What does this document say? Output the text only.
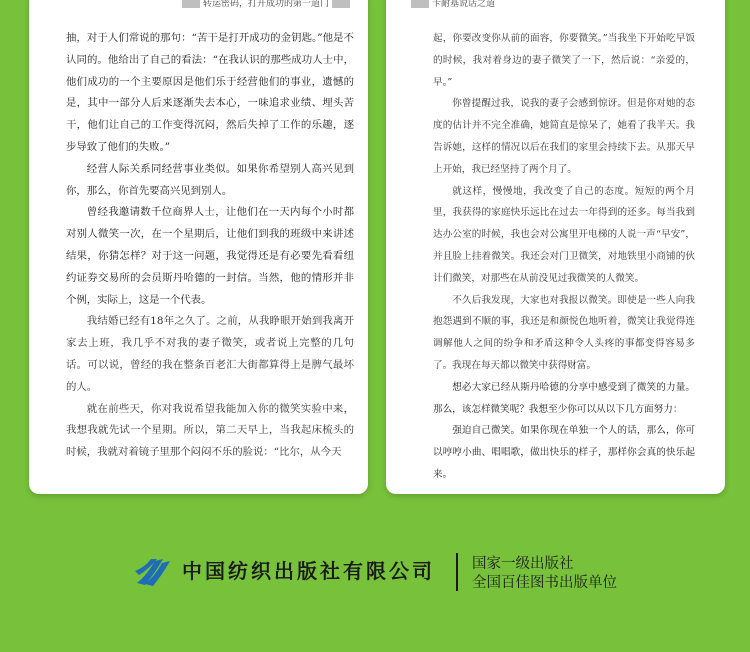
转运密码，打开成功的第一道门

抽，对于人们常说的那句：“苦干是打开成功的金钥匙。”他是不认同的。他给出了自己的看法：“在我认识的那些成功人士中，他们成功的一个主要原因是他们乐于经营他们的事业，遗憾的是，其中一部分人后来逐渐失去本心，一味追求业绩、埋头苦干，他们让自己的工作变得沉闷，然后失掉了工作的乐趣，逐步导致了他们的失败。”

经营人际关系同经营事业类似。如果你希望别人高兴见到你，那么，你首先要高兴见到别人。

曾经我邀请数千位商界人士，让他们在一天内每个小时都对别人微笑一次，在一个星期后，让他们到我的班级中来讲述结果，你猜怎样？对于这一问题，我觉得还是有必要先看看纽约证券交易所的会员斯丹哈德的一封信。当然，他的情形并非个例，实际上，这是一个代表。

我结婚已经有18年之久了。之前，从我睁眼开始到我离开家去上班，我几乎不对我的妻子微笑，或者说上完整的几句话。可以说，曾经的我在整条百老汇大街都算得上是脾气最坏的人。

就在前些天，你对我说希望我能加入你的微笑实验中来，我想我就先试一个星期。所以，第二天早上，当我起床梳头的时候，我就对着镜子里那个闷闷不乐的脸说：“比尔，从今天

卡耐基说话之道

起，你要改变你从前的面容，你要微笑。”当我坐下开始吃早饭的时候，我对着身边的妻子微笑了一下，然后说：“亲爱的，早。”

你曾提醒过我，说我的妻子会感到惊讶。但是你对她的态度的估计并不完全准确，她简直是惊呆了，她看了我半天。我告诉她，这样的情况以后在我们的家里会持续下去。从那天早上开始，我已经坚持了两个月了。

就这样，慢慢地，我改变了自己的态度。短短的两个月里，我获得的家庭快乐远比在过去一年得到的还多。每当我到达办公室的时候，我也会对公寓里开电梯的人说一声“早安”，并且脸上挂着微笑。我还会对门卫微笑，对地铁里小商铺的伙计们微笑，对那些在从前没见过我微笑的人微笑。

不久后我发现，大家也对我报以微笑。即使是一些人向我抱怨遇到不顺的事，我还是和颜悦色地听着，微笑让我觉得连调解他人之间的纷争和矛盾这种令人头疼的事都变得容易多了。我现在每天都以微笑中获得财富。

想必大家已经从斯丹哈德的分享中感受到了微笑的力量。那么，该怎样微笑呢？我想至少你可以从以下几方面努力：

强迫自己微笑。如果你现在单独一个人的话，那么，你可以哼哼小曲、唱唱歌，做出快乐的样子，那样你会真的快乐起来。

中国纺织出版社有限公司	国家一级出版社
全国百佳图书出版单位
